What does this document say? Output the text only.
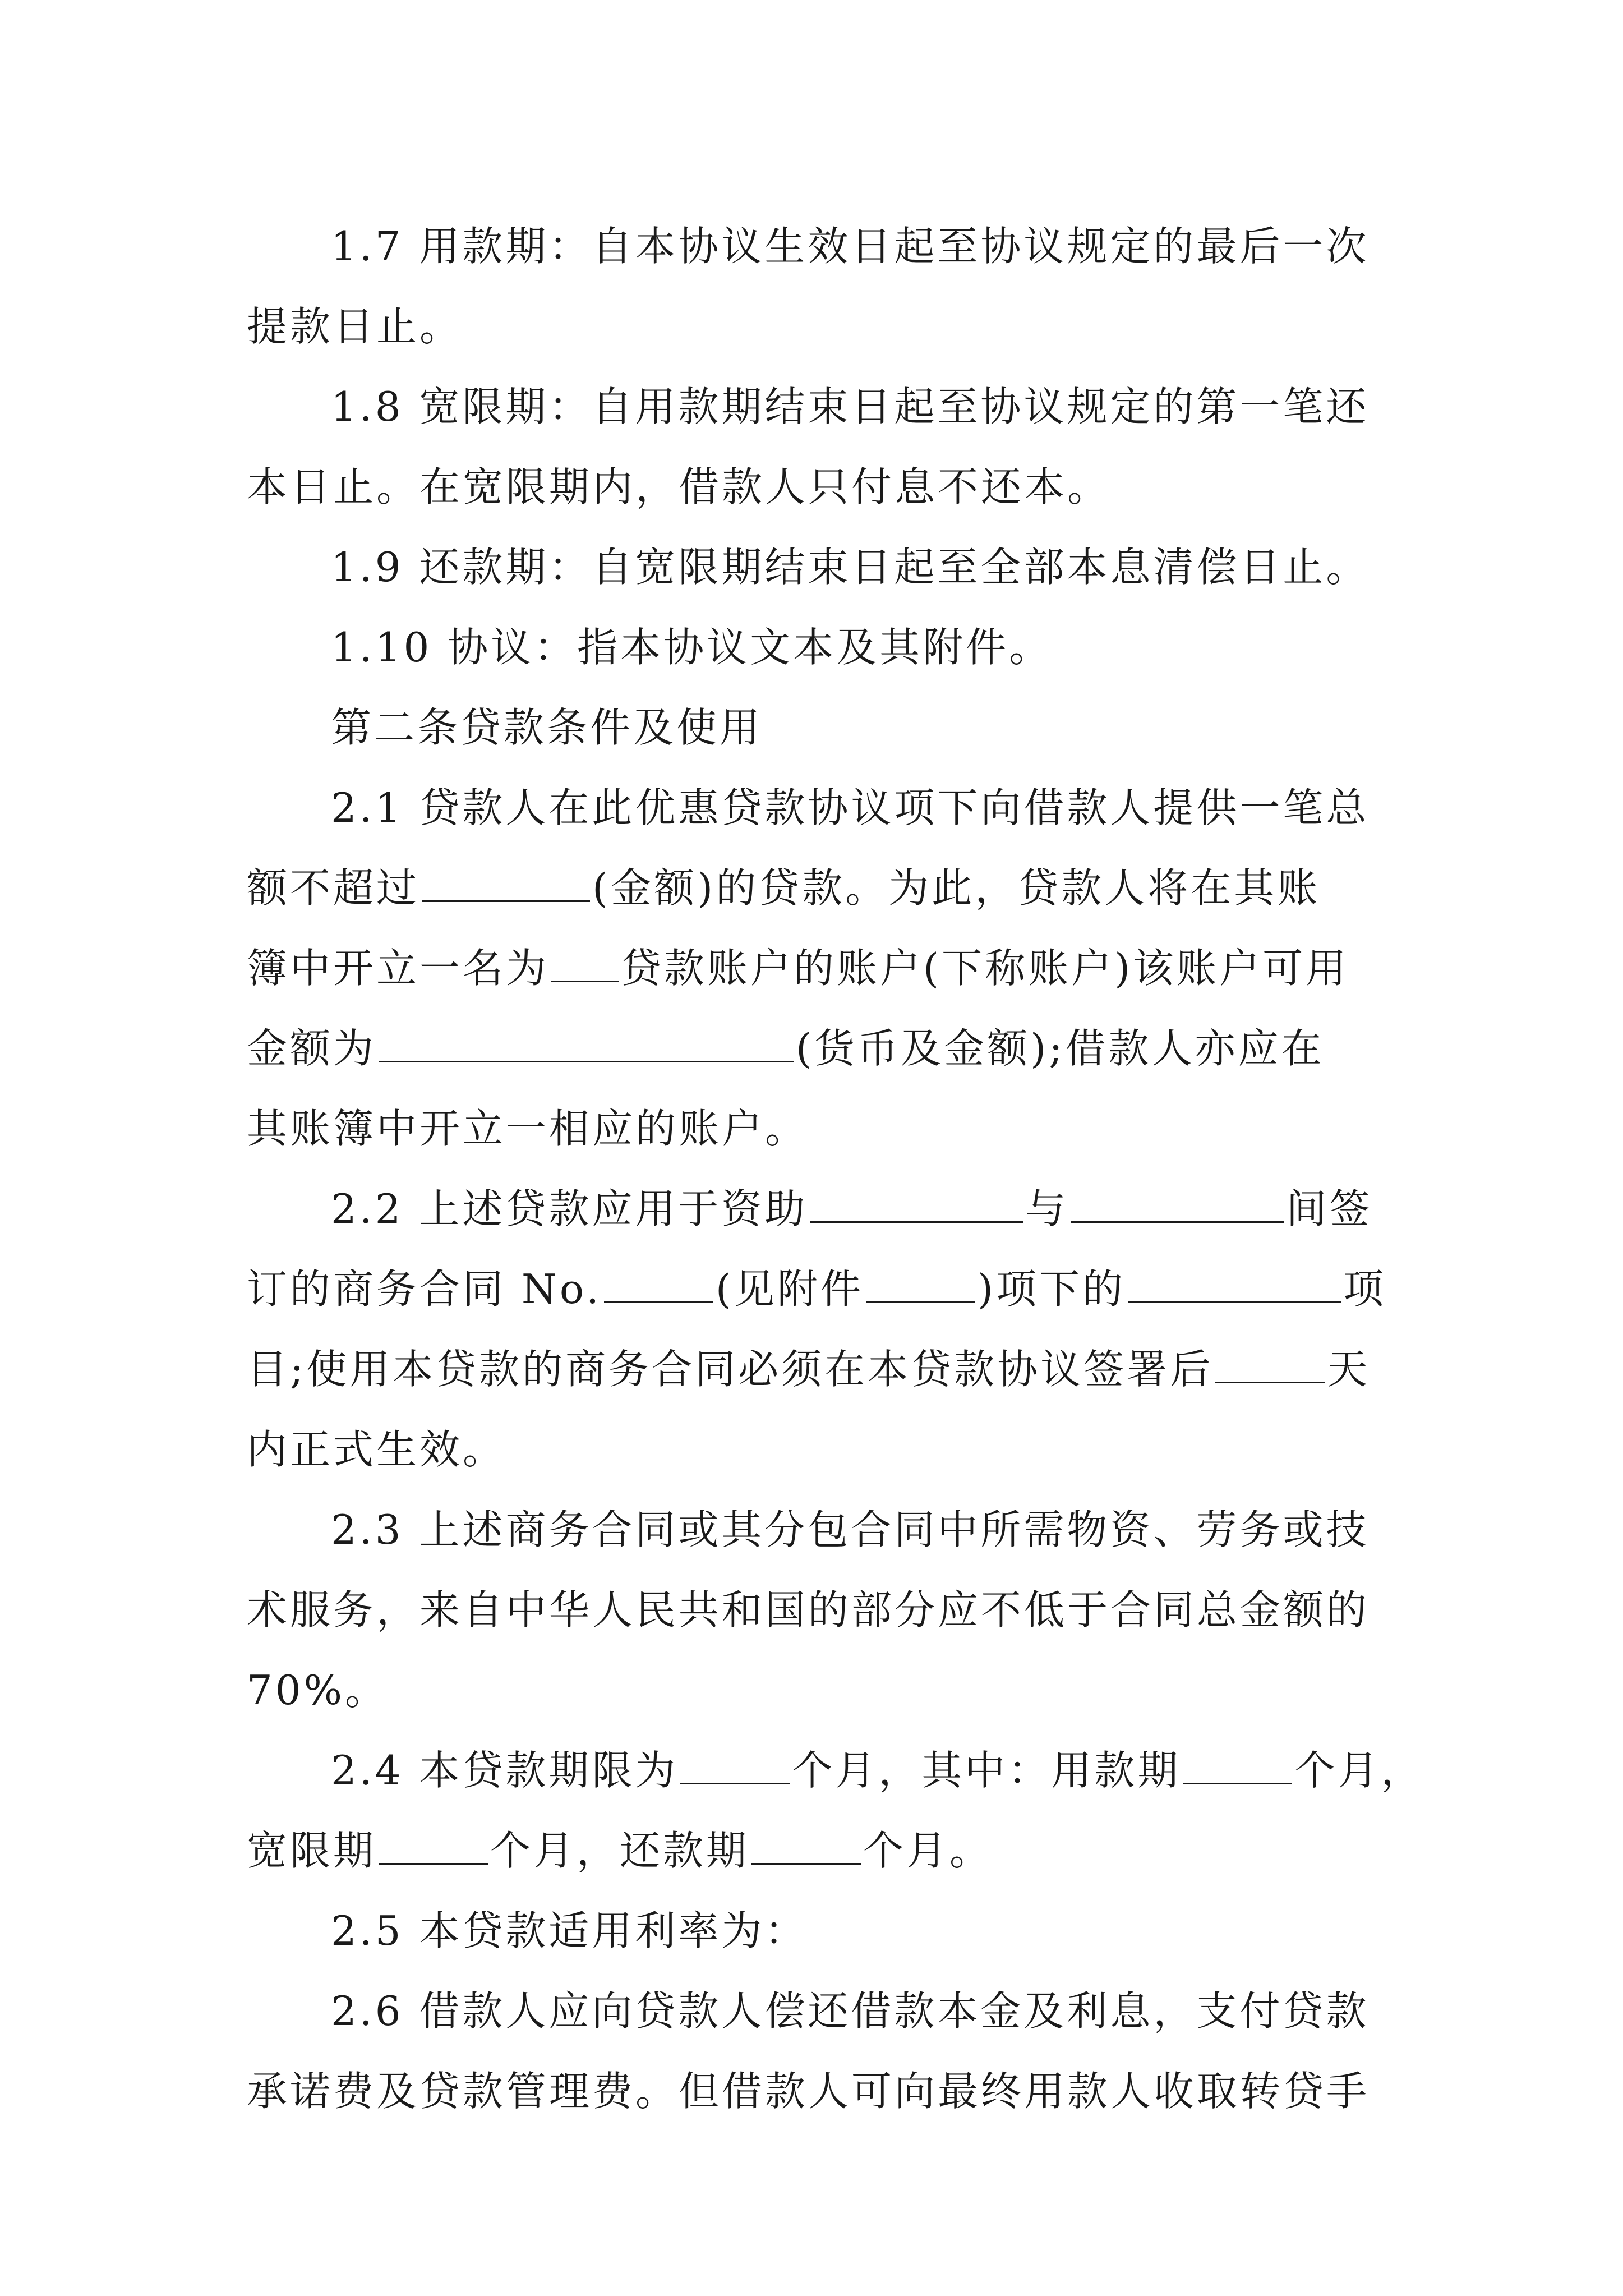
1.7 用款期：自本协议生效日起至协议规定的最后一次
提款日止。

1.8 宽限期：自用款期结束日起至协议规定的第一笔还
本日止。在宽限期内，借款人只付息不还本。

1.9 还款期：自宽限期结束日起至全部本息清偿日止。

1.10 协议：指本协议文本及其附件。

第二条贷款条件及使用

2.1 贷款人在此优惠贷款协议项下向借款人提供一笔总
额不超过	(金额)的贷款。为此，贷款人将在其账
簿中开立一名为 贷款账户的账户(下称账户)该账户可用
金额为	(货币及金额);借款人亦应在
其账簿中开立一相应的账户。

2.2 上述贷款应用于资助	与	间签
订的商务合同 No.	(见附件	)项下的	项
目;使用本贷款的商务合同必须在本贷款协议签署后	天
内正式生效。

2.3 上述商务合同或其分包合同中所需物资、劳务或技
术服务，来自中华人民共和国的部分应不低于合同总金额的
70%。

2.4 本贷款期限为	个月，其中：用款期	个月，
宽限期	个月，还款期	个月。

2.5 本贷款适用利率为：

2.6 借款人应向贷款人偿还借款本金及利息，支付贷款
承诺费及贷款管理费。但借款人可向最终用款人收取转贷手
